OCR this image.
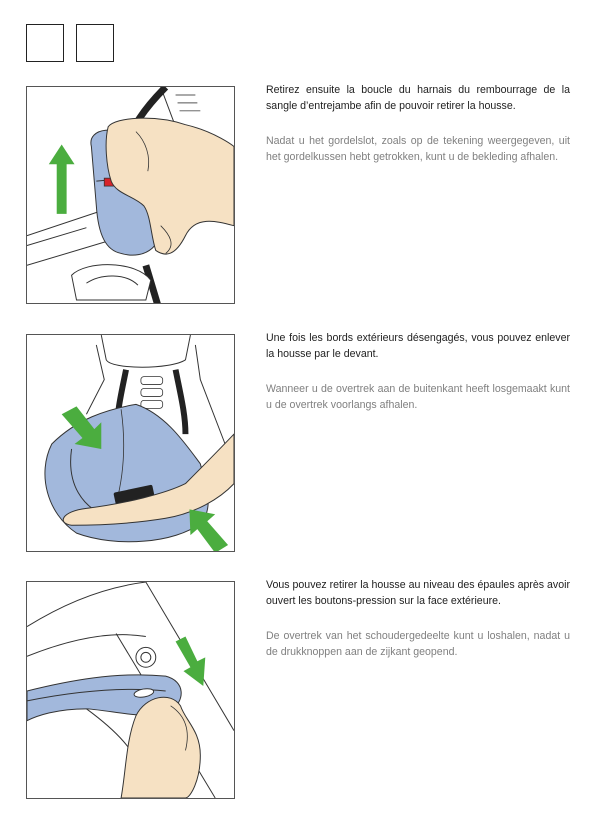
Retirez ensuite la boucle du harnais du rembourrage de la sangle d’entrejambe afin de pouvoir retirer la housse.

Nadat u het gordelslot, zoals op de tekening weergegeven, uit het gordelkussen hebt getrokken, kunt u de bekleding afhalen.

Une fois les bords extérieurs désengagés, vous pouvez enlever la housse par le devant.

Wanneer u de overtrek aan de buitenkant heeft losgemaakt kunt u de overtrek voorlangs afhalen.

Vous pouvez retirer la housse au niveau des épaules après avoir ouvert les boutons-pression sur la face extérieure.

De overtrek van het schoudergedeelte kunt u loshalen, nadat u de drukknoppen aan de zijkant geopend.
